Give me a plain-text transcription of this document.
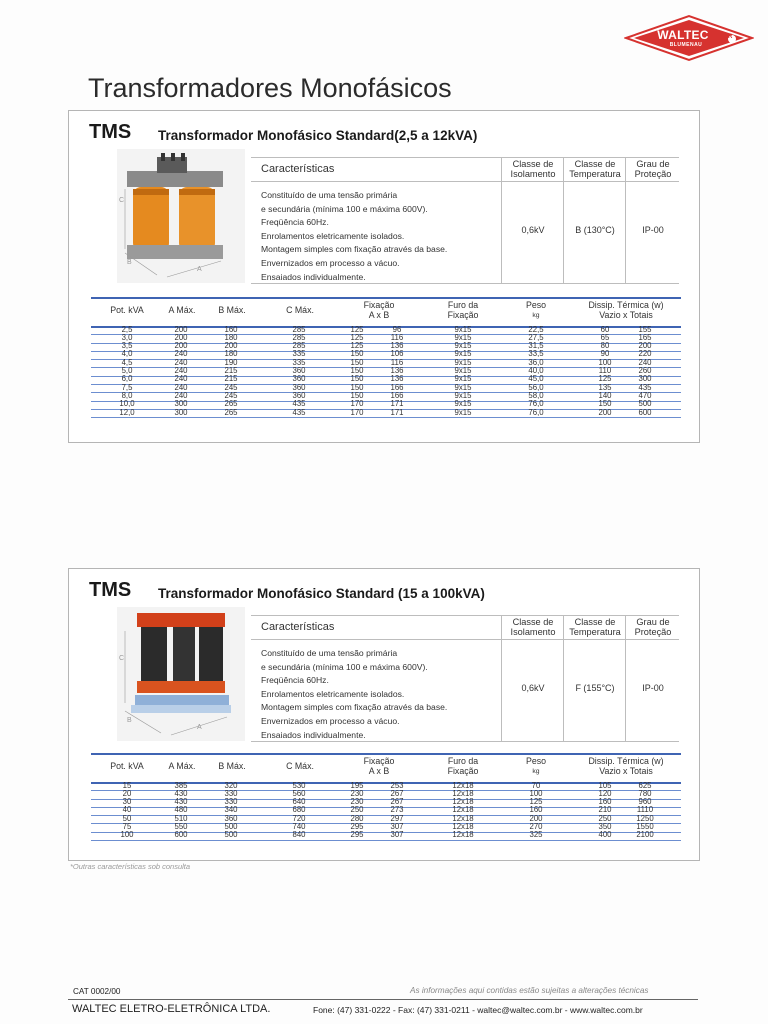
WALTEC
BLUMENAU
R
Transformadores Monofásicos
TMS Transformador Monofásico Standard(2,5 a 12kVA)
C
B
A
Características
Constituído de uma tensão primária
e secundária (mínima 100 e máxima 600V).
Freqüência 60Hz.
Enrolamentos eletricamente isolados.
Montagem simples com fixação através da base.
Envernizados em processo a vácuo.
Ensaiados individualmente.
Classe de
Isolamento
Classe de
Temperatura
Grau de
Proteção
0,6kV	B (130°C)	IP-00
Pot. kVA	A Máx.	B Máx.	C Máx.	Fixação
A x B
Furo da
Fixação
Peso
kg
Dissip. Térmica (w)
Vazio x Totais
2,5	200	160	285	125	96	9x15	22,5	60	155
3,0	200	180	285	125	116	9x15	27,5	65	165
3,5	200	200	285	125	136	9x15	31,5	80	200
4,0	240	180	335	150	106	9x15	33,5	90	220
4,5	240	190	335	150	116	9x15	36,0	100	240
5,0	240	215	360	150	136	9x15	40,0	110	260
6,0	240	215	360	150	136	9x15	45,0	125	300
7,5	240	245	360	150	166	9x15	56,0	135	435
8,0	240	245	360	150	166	9x15	58,0	140	470
10,0	300	265	435	170	171	9x15	76,0	150	500
12,0	300	265	435	170	171	9x15	76,0	200	600
TMS Transformador Monofásico Standard (15 a 100kVA)
C
B
A
Características
Constituído de uma tensão primária
e secundária (mínima 100 e máxima 600V).
Freqüência 60Hz.
Enrolamentos eletricamente isolados.
Montagem simples com fixação através da base.
Envernizados em processo a vácuo.
Ensaiados individualmente.
Classe de
Isolamento
Classe de
Temperatura
Grau de
Proteção
0,6kV	F (155°C)	IP-00
Pot. kVA	A Máx.	B Máx.	C Máx.	Fixação
A x B
Furo da
Fixação
Peso
kg
Dissip. Térmica (w)
Vazio x Totais
15	385	320	530	195	253	12x18	70	105	625
20	430	330	560	230	267	12x18	100	120	780
30	430	330	640	230	267	12x18	125	160	960
40	480	340	680	250	273	12x18	160	210	1110
50	510	360	720	280	297	12x18	200	250	1250
75	550	500	740	295	307	12x18	270	350	1550
100	600	500	840	295	307	12x18	325	400	2100
*Outras características sob consulta
CAT 0002/00	As informações aqui contidas estão sujeitas a alterações técnicas
WALTEC ELETRO-ELETRÔNICA LTDA.	Fone: (47) 331-0222 - Fax: (47) 331-0211 - waltec@waltec.com.br - www.waltec.com.br
